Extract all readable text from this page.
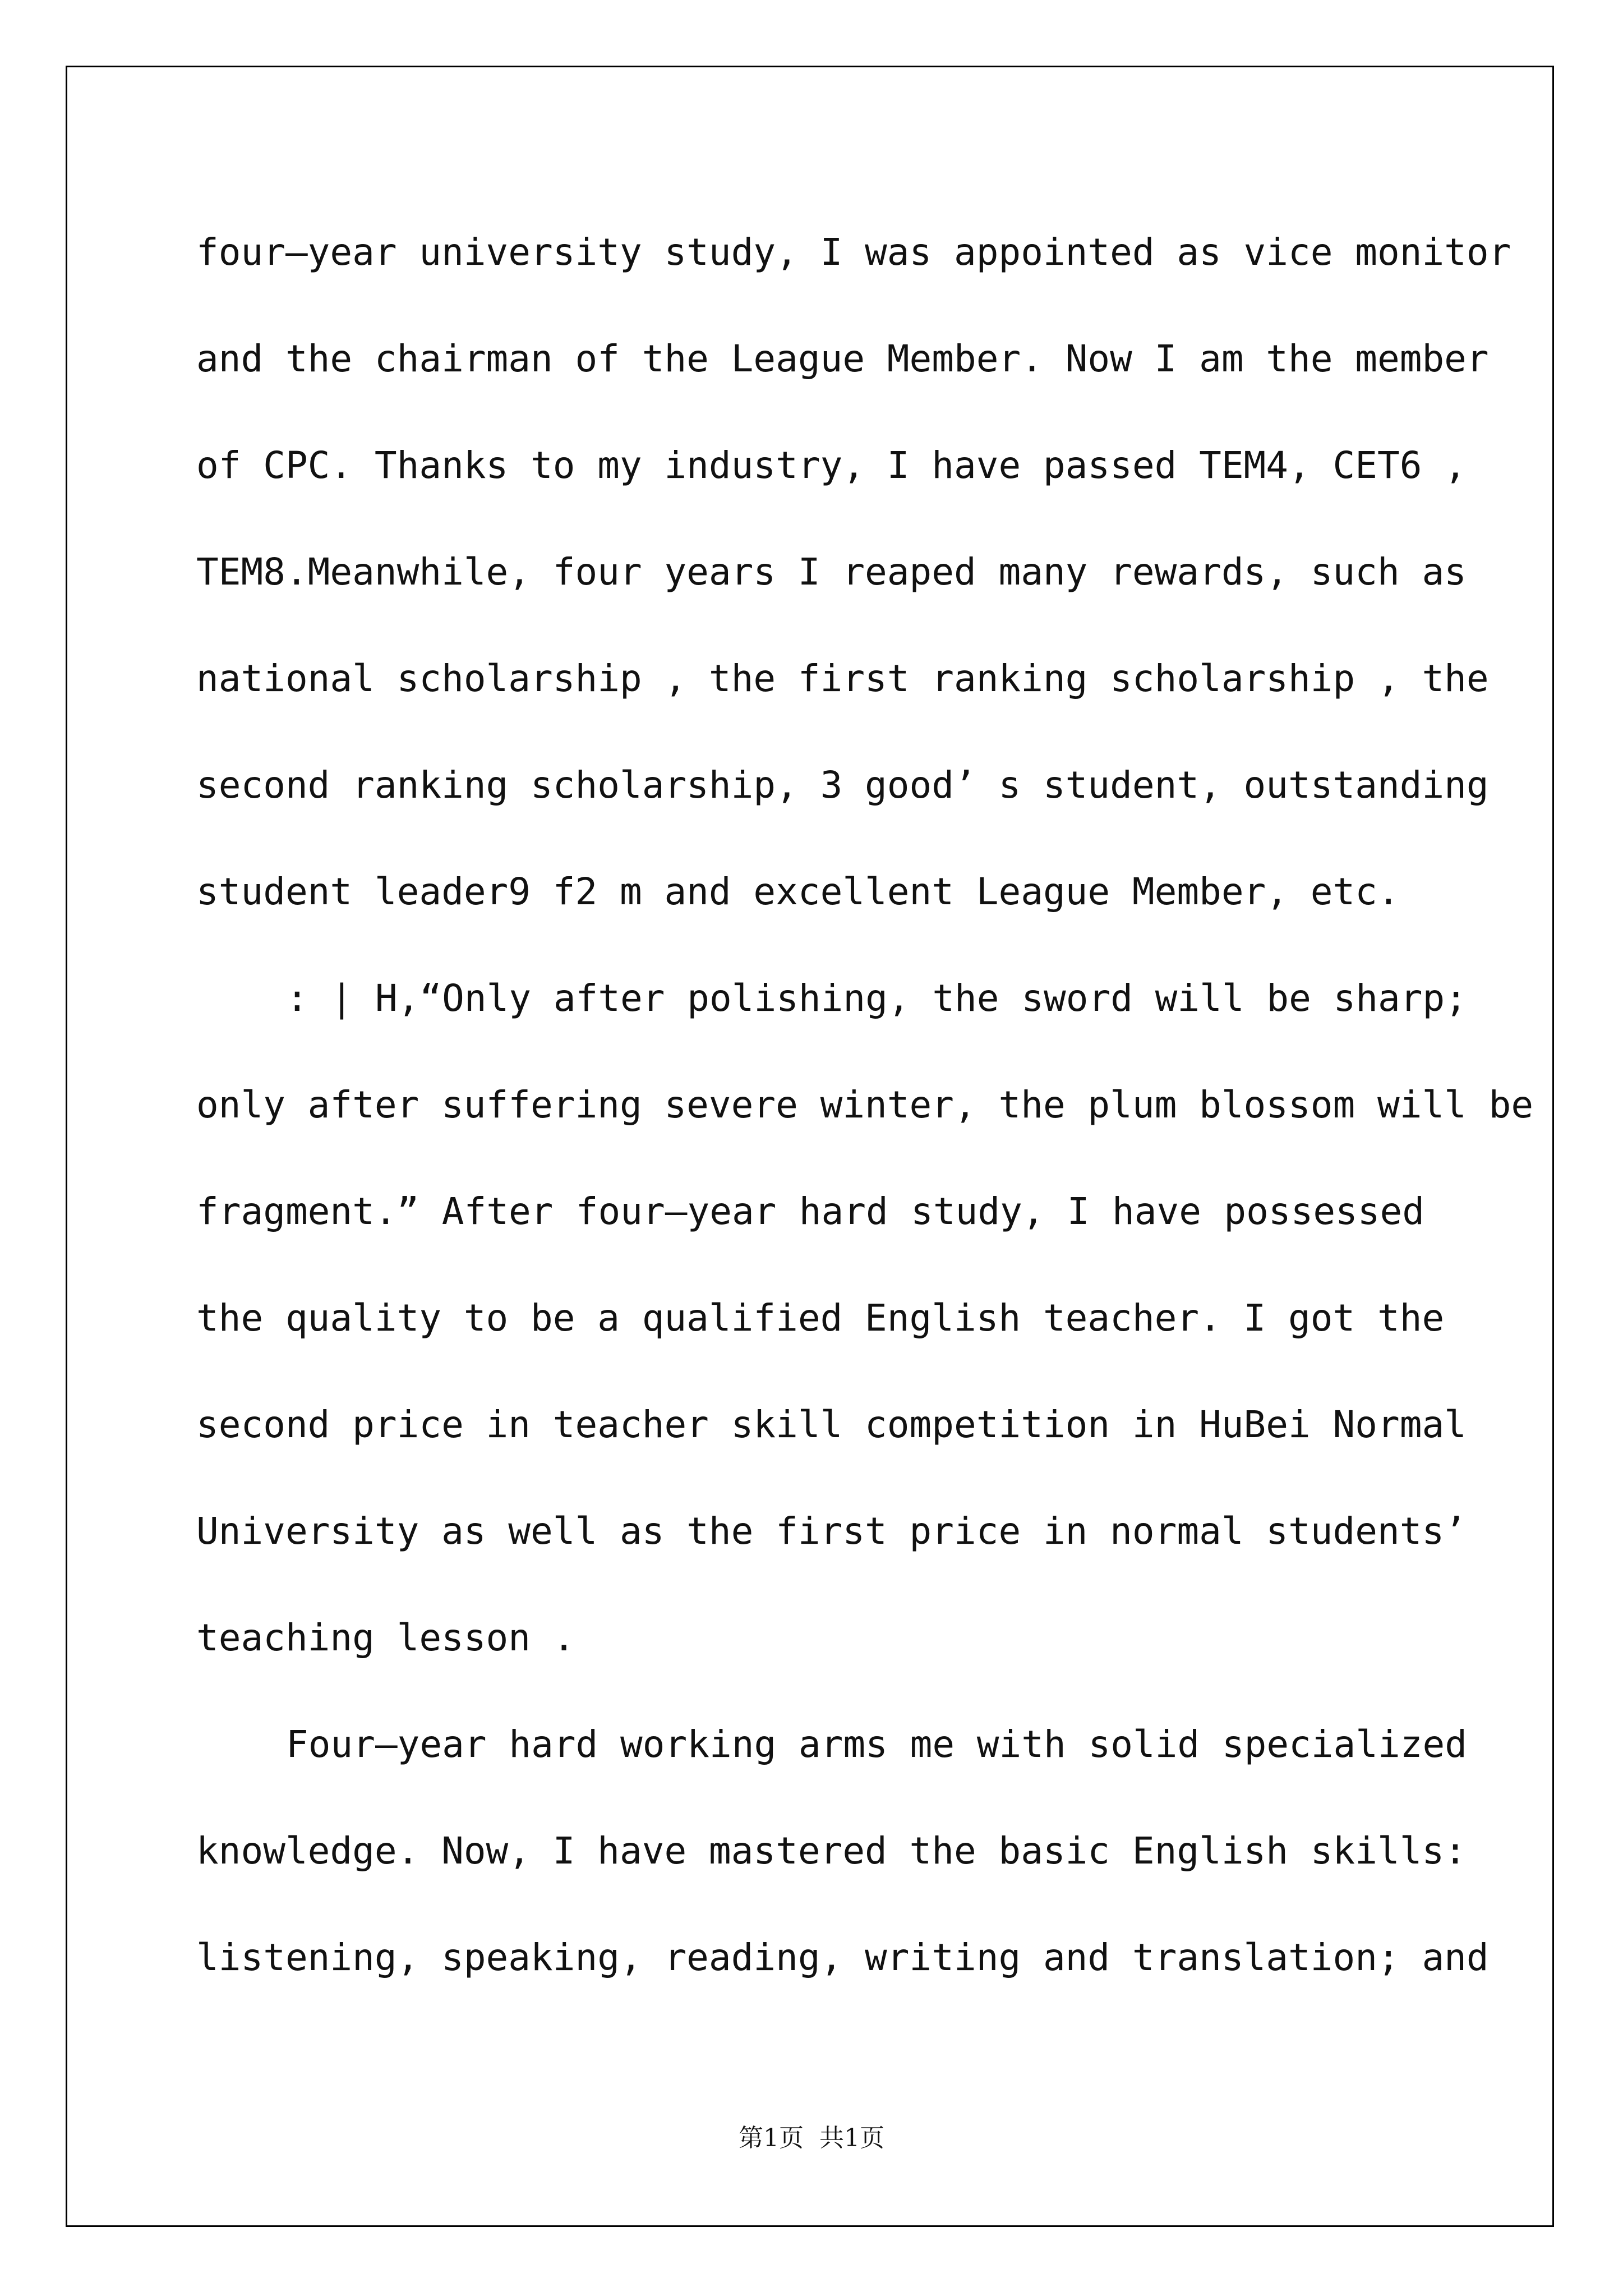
four—year university study, I was appointed as vice monitor
and the chairman of the League Member. Now I am the member
of CPC. Thanks to my industry, I have passed TEM4, CET6 ,
TEM8.Meanwhile, four years I reaped many rewards, such as
national scholarship , the first ranking scholarship , the
second ranking scholarship, 3 good’ s student, outstanding
student leader9 f2 m and excellent League Member, etc.
: | H,“Only after polishing, the sword will be sharp;
only after suffering severe winter, the plum blossom will be
fragment.” After four—year hard study, I have possessed
the quality to be a qualified English teacher. I got the
second price in teacher skill competition in HuBei Normal
University as well as the first price in normal students’
teaching lesson .
Four—year hard working arms me with solid specialized
knowledge. Now, I have mastered the basic English skills:
listening, speaking, reading, writing and translation; and
第1页  共1页
